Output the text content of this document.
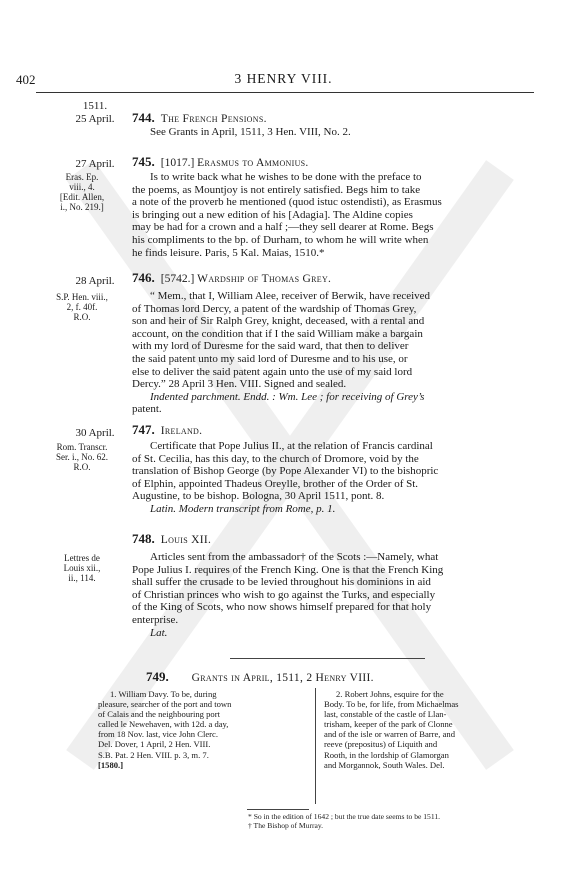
402	3 HENRY VIII.
1511.
25 April.	744. The French Pensions.
See Grants in April, 1511, 3 Hen. VIII, No. 2.
27 April.
Eras. Ep.
viii., 4.
[Edit. Allen,
i., No. 219.]
745. [1017.] Erasmus to Ammonius.
Is to write back what he wishes to be done with the preface to
the poems, as Mountjoy is not entirely satisfied. Begs him to take
a note of the proverb he mentioned (quod istuc ostendisti), as Erasmus
is bringing out a new edition of his [Adagia]. The Aldine copies
may be had for a crown and a half ;—they sell dearer at Rome. Begs
his compliments to the bp. of Durham, to whom he will write when
he finds leisure. Paris, 5 Kal. Maias, 1510.*
28 April.
S.P. Hen. viii.,
2, f. 40f.
R.O.
746. [5742.] Wardship of Thomas Grey.
“ Mem., that I, William Alee, receiver of Berwik, have received
of Thomas lord Dercy, a patent of the wardship of Thomas Grey,
son and heir of Sir Ralph Grey, knight, deceased, with a rental and
account, on the condition that if I the said William make a bargain
with my lord of Duresme for the said ward, that then to deliver
the said patent unto my said lord of Duresme and to his use, or
else to deliver the said patent again unto the use of my said lord
Dercy.” 28 April 3 Hen. VIII. Signed and sealed.
Indented parchment. Endd. : Wm. Lee ; for receiving of Grey’s
patent.
30 April.
Rom. Transcr.
Ser. i., No. 62.
R.O.
747. Ireland.
Certificate that Pope Julius II., at the relation of Francis cardinal
of St. Cecilia, has this day, to the church of Dromore, void by the
translation of Bishop George (by Pope Alexander VI) to the bishopric
of Elphin, appointed Thadeus Oreylle, brother of the Order of St.
Augustine, to be bishop. Bologna, 30 April 1511, pont. 8.
Latin. Modern transcript from Rome, p. 1.
Lettres de
Louis xii.,
ii., 114.
748. Louis XII.
Articles sent from the ambassador† of the Scots :—Namely, what
Pope Julius I. requires of the French King. One is that the French King
shall suffer the crusade to be levied throughout his dominions in aid
of Christian princes who wish to go against the Turks, and especially
of the King of Scots, who now shows himself prepared for that holy
enterprise.
Lat.
749. Grants in April, 1511, 2 Henry VIII.
1. William Davy. To be, during
pleasure, searcher of the port and town
of Calais and the neighbouring port
called le Newehaven, with 12d. a day,
from 18 Nov. last, vice John Clerc.
Del. Dover, 1 April, 2 Hen. VIII.
S.B. Pat. 2 Hen. VIII. p. 3, m. 7.
[1580.]
2. Robert Johns, esquire for the
Body. To be, for life, from Michaelmas
last, constable of the castle of Llan-
trisham, keeper of the park of Clonne
and of the isle or warren of Barre, and
reeve (prepositus) of Liquith and
Rooth, in the lordship of Glamorgan
and Morgannok, South Wales. Del.
* So in the edition of 1642 ; but the true date seems to be 1511.
† The Bishop of Murray.
